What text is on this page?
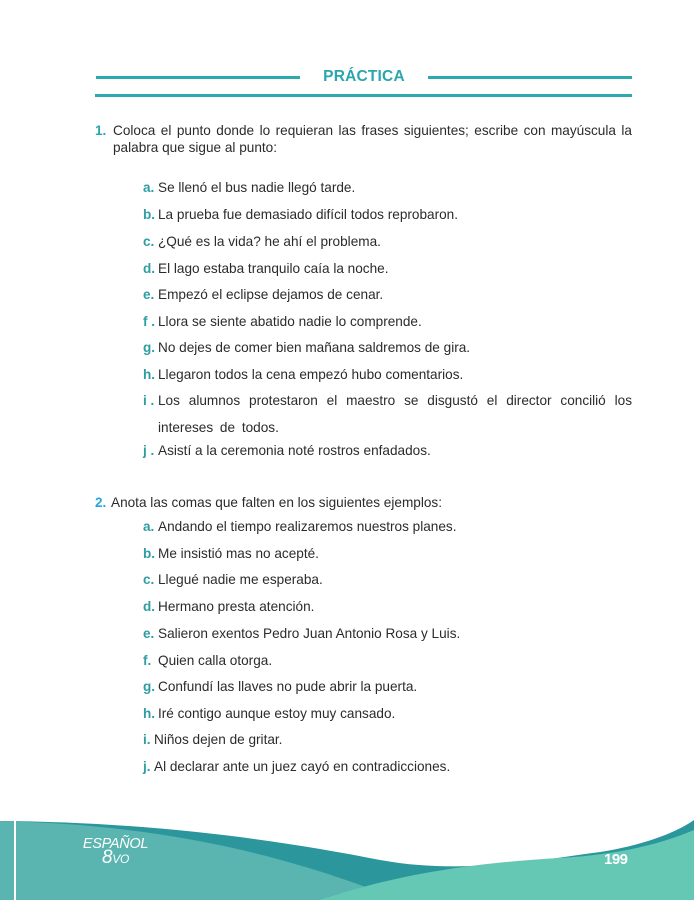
PRÁCTICA
1. Coloca el punto donde lo requieran las frases siguientes; escribe con mayúscula la palabra que sigue al punto:
a. Se llenó el bus nadie llegó tarde.
b. La prueba fue demasiado difícil todos reprobaron.
c. ¿Qué es la vida? he ahí el problema.
d. El lago estaba tranquilo caía la noche.
e. Empezó el eclipse dejamos de cenar.
f . Llora se siente abatido nadie lo comprende.
g. No dejes de comer bien mañana saldremos de gira.
h. Llegaron todos la cena empezó hubo comentarios.
i . Los alumnos protestaron el maestro se disgustó el director concilió los intereses de todos.
j . Asistí a la ceremonia noté rostros enfadados.
2. Anota las comas que falten en los siguientes ejemplos:
a. Andando el tiempo realizaremos nuestros planes.
b. Me insistió mas no acepté.
c. Llegué nadie me esperaba.
d. Hermano presta atención.
e. Salieron exentos Pedro Juan Antonio Rosa y Luis.
f. Quien calla otorga.
g. Confundí las llaves no pude abrir la puerta.
h. Iré contigo aunque estoy muy cansado.
i. Niños dejen de gritar.
j. Al declarar ante un juez cayó en contradicciones.
ESPAÑOL
8VO	199
